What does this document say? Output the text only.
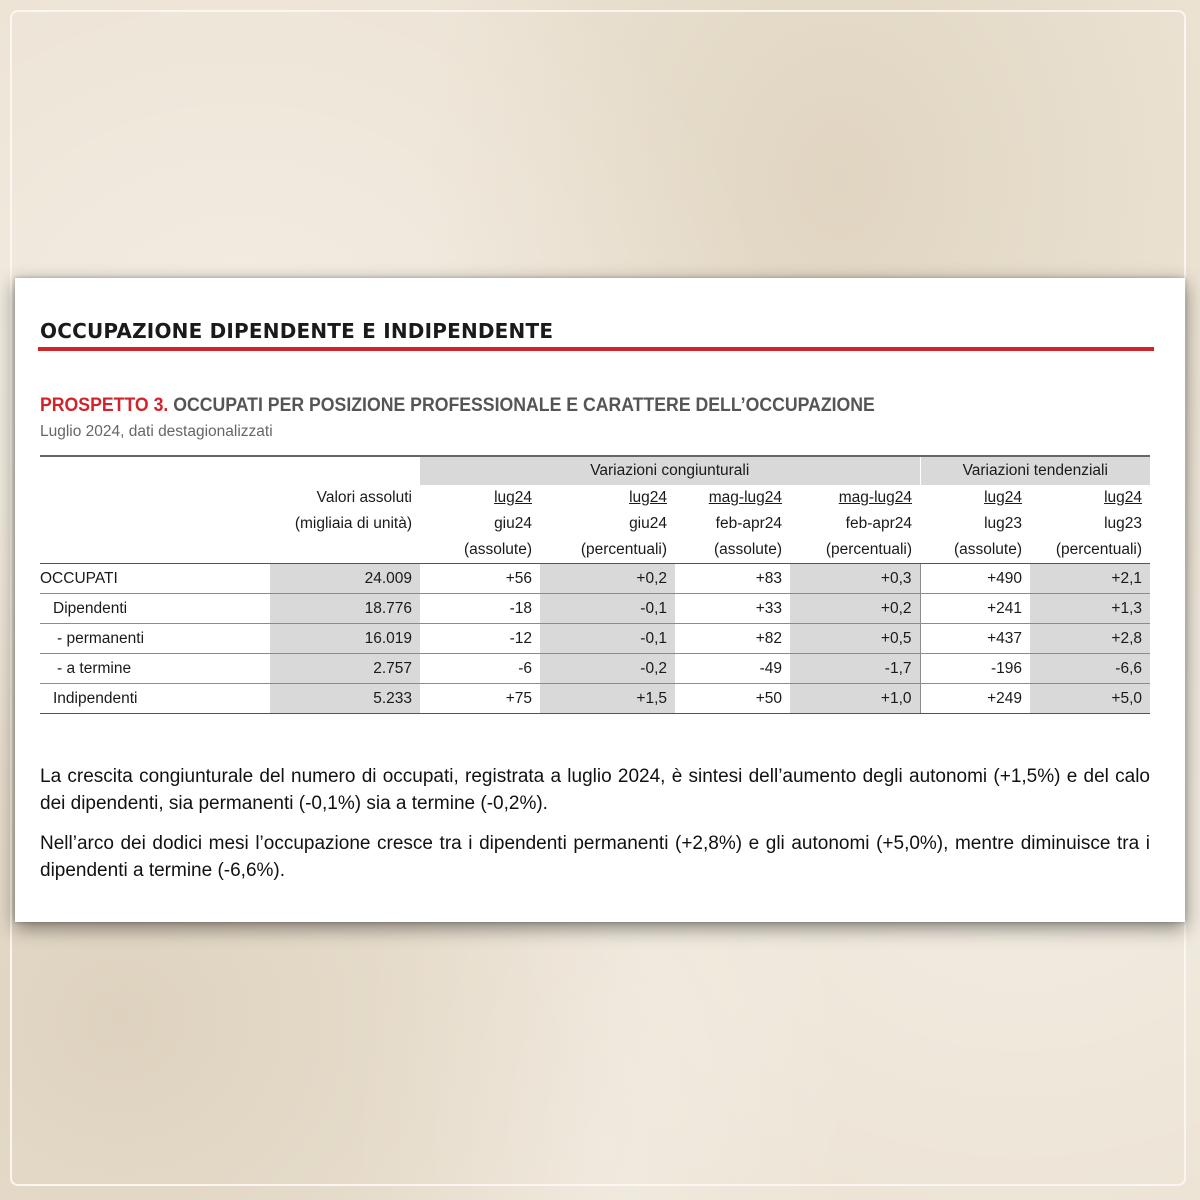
OCCUPAZIONE DIPENDENTE E INDIPENDENTE
PROSPETTO 3. OCCUPATI PER POSIZIONE PROFESSIONALE E CARATTERE DELL’OCCUPAZIONE
Luglio 2024, dati destagionalizzati

		Variazioni congiunturali				Variazioni tendenziali	
	Valori assoluti	lug24	lug24	mag-lug24	mag-lug24	lug24	lug24
	(migliaia di unità)	giu24	giu24	feb-apr24	feb-apr24	lug23	lug23
		(assolute)	(percentuali)	(assolute)	(percentuali)	(assolute)	(percentuali)
OCCUPATI	24.009	+56	+0,2	+83	+0,3	+490	+2,1
Dipendenti	18.776	-18	-0,1	+33	+0,2	+241	+1,3
- permanenti	16.019	-12	-0,1	+82	+0,5	+437	+2,8
- a termine	2.757	-6	-0,2	-49	-1,7	-196	-6,6
Indipendenti	5.233	+75	+1,5	+50	+1,0	+249	+5,0

La crescita congiunturale del numero di occupati, registrata a luglio 2024, è sintesi dell’aumento degli autonomi (+1,5%) e del calo dei dipendenti, sia permanenti (-0,1%) sia a termine (-0,2%).

Nell’arco dei dodici mesi l’occupazione cresce tra i dipendenti permanenti (+2,8%) e gli autonomi (+5,0%), mentre diminuisce tra i dipendenti a termine (-6,6%).
